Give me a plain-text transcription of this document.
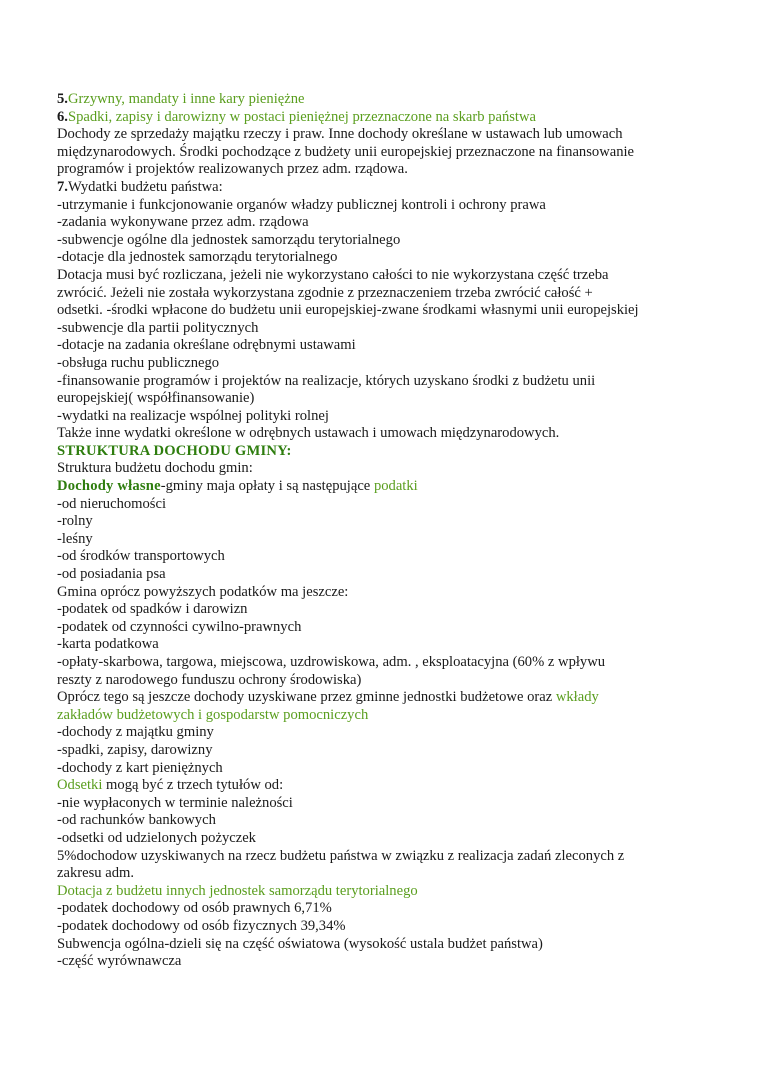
5.Grzywny, mandaty i inne kary pieniężne
6.Spadki, zapisy i darowizny w postaci pieniężnej przeznaczone na skarb państwa
Dochody ze sprzedaży majątku rzeczy i praw. Inne dochody określane w ustawach lub umowach
międzynarodowych. Środki pochodzące z budżety unii europejskiej przeznaczone na finansowanie
programów i projektów realizowanych przez adm. rządowa.
7.Wydatki budżetu państwa:
-utrzymanie i funkcjonowanie organów władzy publicznej kontroli i ochrony prawa
-zadania wykonywane przez adm. rządowa
-subwencje ogólne dla jednostek samorządu terytorialnego
-dotacje dla jednostek samorządu terytorialnego
Dotacja musi być rozliczana, jeżeli nie wykorzystano całości to nie wykorzystana część trzeba
zwrócić. Jeżeli nie została wykorzystana zgodnie z przeznaczeniem trzeba zwrócić całość +
odsetki. -środki wpłacone do budżetu unii europejskiej-zwane środkami własnymi unii europejskiej
-subwencje dla partii politycznych
-dotacje na zadania określane odrębnymi ustawami
-obsługa ruchu publicznego
-finansowanie programów i projektów na realizacje, których uzyskano środki z budżetu unii
europejskiej( współfinansowanie)
-wydatki na realizacje wspólnej polityki rolnej
Także inne wydatki określone w odrębnych ustawach i umowach międzynarodowych.
STRUKTURA DOCHODU GMINY:
Struktura budżetu dochodu gmin:
Dochody własne-gminy maja opłaty i są następujące podatki
-od nieruchomości
-rolny
-leśny
-od środków transportowych
-od posiadania psa
Gmina oprócz powyższych podatków ma jeszcze:
-podatek od spadków i darowizn
-podatek od czynności cywilno-prawnych
-karta podatkowa
-opłaty-skarbowa, targowa, miejscowa, uzdrowiskowa, adm. , eksploatacyjna (60% z wpływu
reszty z narodowego funduszu ochrony środowiska)
Oprócz tego są jeszcze dochody uzyskiwane przez gminne jednostki budżetowe oraz wkłady
zakładów budżetowych i gospodarstw pomocniczych
-dochody z majątku gminy
-spadki, zapisy, darowizny
-dochody z kart pieniężnych
Odsetki mogą być z trzech tytułów od:
-nie wypłaconych w terminie należności
-od rachunków bankowych
-odsetki od udzielonych pożyczek
5%dochodow uzyskiwanych na rzecz budżetu państwa w związku z realizacja zadań zleconych z
zakresu adm.
Dotacja z budżetu innych jednostek samorządu terytorialnego
-podatek dochodowy od osób prawnych 6,71%
-podatek dochodowy od osób fizycznych 39,34%
Subwencja ogólna-dzieli się na część oświatowa (wysokość ustala budżet państwa)
-część wyrównawcza
